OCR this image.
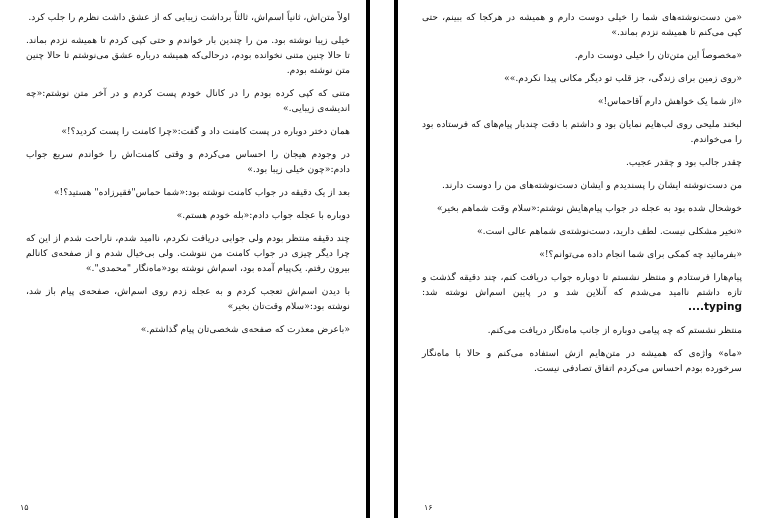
اولاً متن‌اش، ثانیاً اسم‌اش، ثالثاً برداشت زیبایی که از عشق داشت نظرم را جلب کرد.

خیلی زیبا نوشته بود. من را چندین بار خواندم و حتی کپی کردم تا همیشه نزدم بماند. تا حالا چنین متنی نخوانده بودم، درحالی‌که همیشه درباره عشق می‌نوشتم تا حالا چنین متن نوشته بودم.

متنی که کپی کرده بودم را در کانال خودم پست کردم و در آخر متن نوشتم:«چه اندیشه‌ی زیبایی.»

همان دختر دوباره در پست کامنت داد و گفت:«چرا کامنت را پست کردید؟!»

در وجودم هیجان را احساس می‌کردم و وقتی کامنت‌اش را خواندم سریع جواب دادم:«چون خیلی زیبا بود.»

بعد از یک دقیقه در جواب کامنت نوشته بود:«شما حماس"فقیرزاده" هستید؟!»

دوباره با عجله جواب دادم:«بله خودم هستم.»

چند دقیقه منتظر بودم ولی جوابی دریافت نکردم، ناامید شدم، ناراحت شدم از این که چرا دیگر چیزی در جواب کامنت من ننوشت. ولی بی‌خیال شدم و از صفحه‌ی کانالم بیرون رفتم. یک‌پیام آمده بود، اسم‌اش نوشته بود«ماه‌نگار "محمدی".»

با دیدن اسم‌اش تعجب کردم و به عجله زدم روی اسم‌اش، صفحه‌ی پیام باز شد، نوشته بود:«سلام وقت‌تان بخیر»

«باعرض معذرت که صفحه‌ی شخصی‌تان پیام گذاشتم.»

۱۵

«من دست‌نوشته‌های شما را خیلی دوست دارم و همیشه در هرکجا که ببینم، حتی کپی می‌کنم تا همیشه نزدم بماند.»

«مخصوصاً این متن‌تان را خیلی دوست دارم.

«روی زمین برای زندگی، جز قلب تو دیگر مکانی پیدا نکردم.»»

«از شما یک خواهش دارم آقاحماس!»

لبخند ملیحی روی لب‌هایم نمایان بود و داشتم با دقت چندبار پیام‌های که فرستاده بود را می‌خواندم.

چقدر جالب بود و چقدر عجیب.

من دست‌نوشته ایشان را پسندیدم و ایشان دست‌نوشته‌های من را دوست دارند.

خوشحال شده بود به عجله در جواب پیام‌هایش نوشتم:«سلام وقت شماهم بخیر»

«نخیر مشکلی نیست. لطف دارید، دست‌نوشته‌ی شماهم عالی است.»

«بفرمائید چه کمکی برای شما انجام داده می‌توانم؟!»

پیام‌هارا فرستادم و منتظر نشستم تا دوباره جواب دریافت کنم، چند دقیقه گذشت و تازه داشتم ناامید می‌شدم که آنلاین شد و در پایین اسم‌اش نوشته شد: typing....

منتظر نشستم که چه پیامی دوباره از جانب ماه‌نگار دریافت می‌کنم.

«ماه» واژه‌ی که همیشه در متن‌هایم ازش استفاده می‌کنم و حالا با ماه‌نگار سرخورده بودم احساس می‌کردم اتفاق تصادفی نیست.

۱۶
